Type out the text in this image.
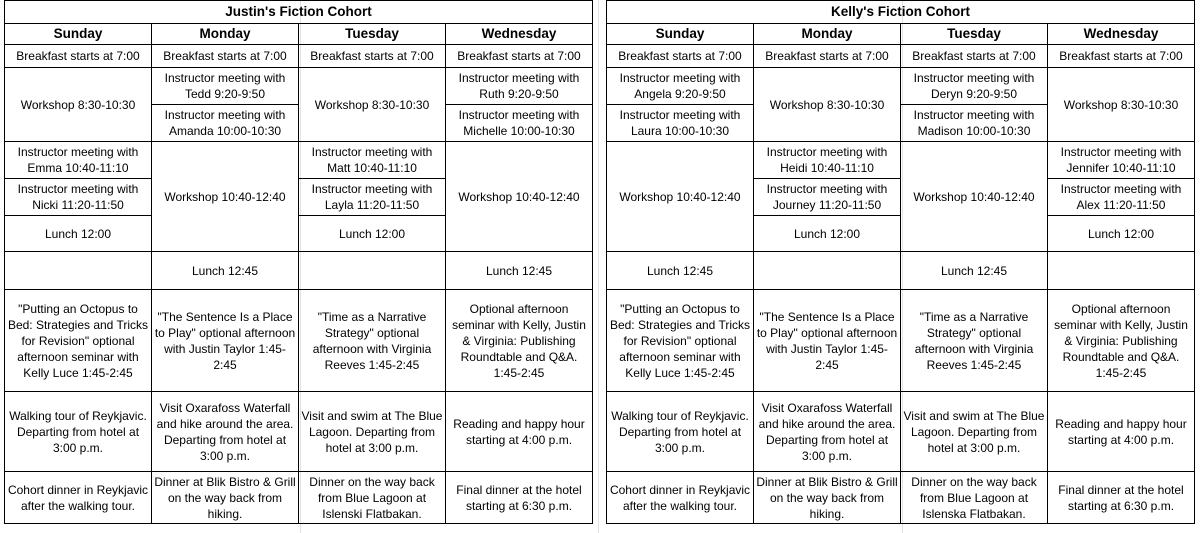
Justin's Fiction Cohort			
Sunday	Monday	Tuesday	Wednesday
Breakfast starts at 7:00	Breakfast starts at 7:00	Breakfast starts at 7:00	Breakfast starts at 7:00
Workshop 8:30-10:30	Instructor meeting with Tedd 9:20-9:50	Workshop 8:30-10:30	Instructor meeting with Ruth 9:20-9:50
	Instructor meeting with Amanda 10:00-10:30		Instructor meeting with Michelle 10:00-10:30
Instructor meeting with Emma 10:40-11:10	Workshop 10:40-12:40	Instructor meeting with Matt 10:40-11:10	Workshop 10:40-12:40
Instructor meeting with Nicki 11:20-11:50		Instructor meeting with Layla 11:20-11:50	
Lunch 12:00		Lunch 12:00	
	Lunch 12:45		Lunch 12:45
"Putting an Octopus to Bed: Strategies and Tricks for Revision" optional afternoon seminar with Kelly Luce 1:45-2:45	"The Sentence Is a Place to Play" optional afternoon with Justin Taylor 1:45-2:45	"Time as a Narrative Strategy" optional afternoon with Virginia Reeves 1:45-2:45	Optional afternoon seminar with Kelly, Justin & Virginia: Publishing Roundtable and Q&A. 1:45-2:45
Walking tour of Reykjavic. Departing from hotel at 3:00 p.m.	Visit Oxarafoss Waterfall and hike around the area. Departing from hotel at 3:00 p.m.	Visit and swim at The Blue Lagoon. Departing from hotel at 3:00 p.m.	Reading and happy hour starting at 4:00 p.m.
Cohort dinner in Reykjavic after the walking tour.	Dinner at Blik Bistro & Grill on the way back from hiking.	Dinner on the way back from Blue Lagoon at Islenski Flatbakan.	Final dinner at the hotel starting at 6:30 p.m.
Kelly's Fiction Cohort			
Sunday	Monday	Tuesday	Wednesday
Breakfast starts at 7:00	Breakfast starts at 7:00	Breakfast starts at 7:00	Breakfast starts at 7:00
Instructor meeting with Angela 9:20-9:50	Workshop 8:30-10:30	Instructor meeting with Deryn 9:20-9:50	Workshop 8:30-10:30
Instructor meeting with Laura 10:00-10:30		Instructor meeting with Madison 10:00-10:30	
Workshop 10:40-12:40	Instructor meeting with Heidi 10:40-11:10	Workshop 10:40-12:40	Instructor meeting with Jennifer 10:40-11:10
	Instructor meeting with Journey 11:20-11:50		Instructor meeting with Alex 11:20-11:50
	Lunch 12:00		Lunch 12:00
Lunch 12:45		Lunch 12:45	
"Putting an Octopus to Bed: Strategies and Tricks for Revision" optional afternoon seminar with Kelly Luce 1:45-2:45	"The Sentence Is a Place to Play" optional afternoon with Justin Taylor 1:45-2:45	"Time as a Narrative Strategy" optional afternoon with Virginia Reeves 1:45-2:45	Optional afternoon seminar with Kelly, Justin & Virginia: Publishing Roundtable and Q&A. 1:45-2:45
Walking tour of Reykjavic. Departing from hotel at 3:00 p.m.	Visit Oxarafoss Waterfall and hike around the area. Departing from hotel at 3:00 p.m.	Visit and swim at The Blue Lagoon. Departing from hotel at 3:00 p.m.	Reading and happy hour starting at 4:00 p.m.
Cohort dinner in Reykjavic after the walking tour.	Dinner at Blik Bistro & Grill on the way back from hiking.	Dinner on the way back from Blue Lagoon at Islenska Flatbakan.	Final dinner at the hotel starting at 6:30 p.m.
